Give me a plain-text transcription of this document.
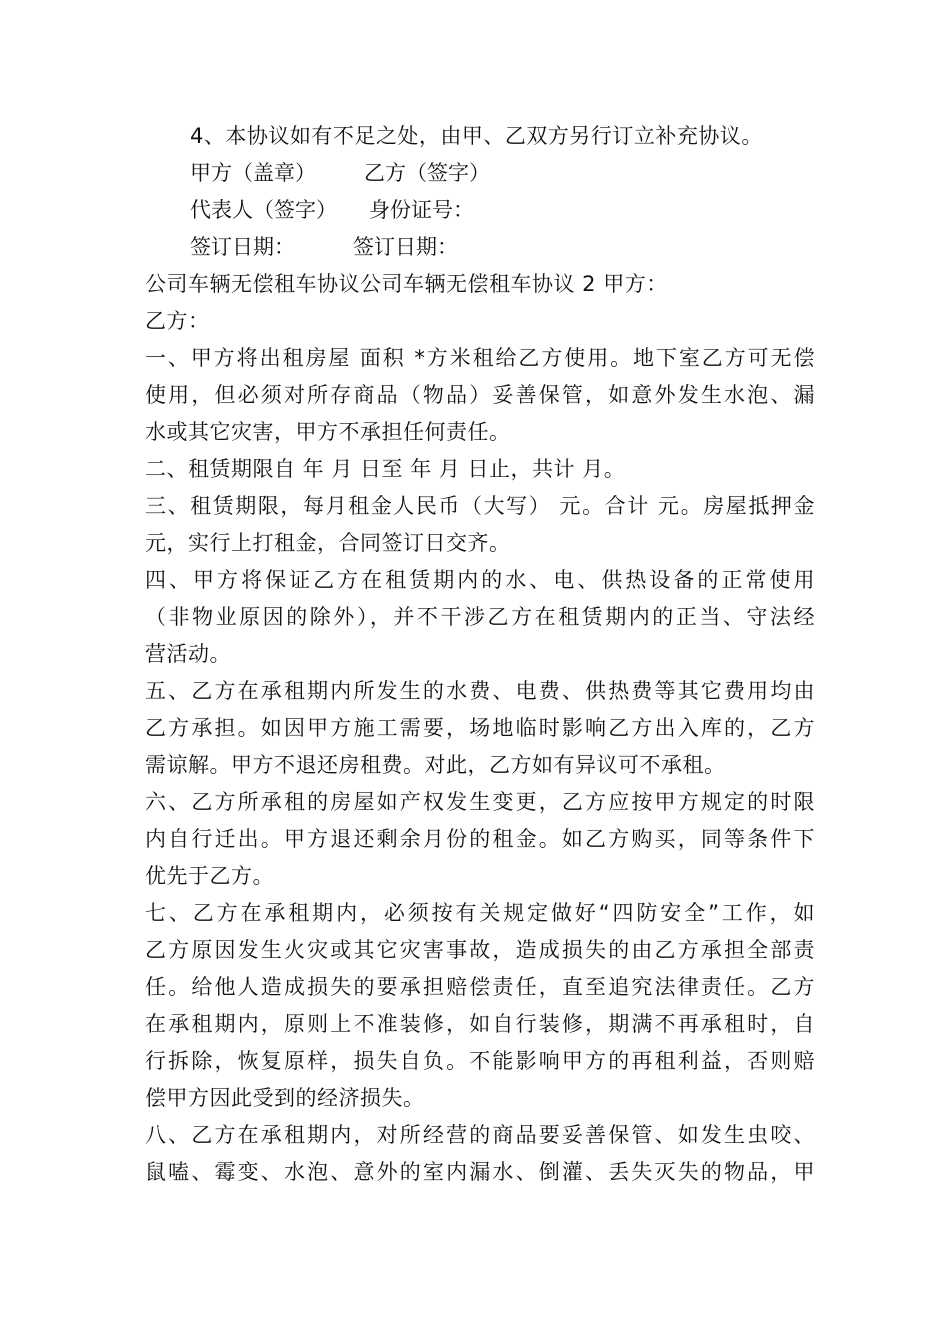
4、本协议如有不足之处，由甲、乙双方另行订立补充协议。
甲方（盖章） 乙方（签字）
代表人（签字） 身份证号：
签订日期：	签订日期：
公司车辆无偿租车协议公司车辆无偿租车协议 2 甲方：
乙方：
一、甲方将出租房屋 面积 *方米租给乙方使用。地下室乙方可无偿
使用，但必须对所存商品（物品）妥善保管，如意外发生水泡、漏
水或其它灾害，甲方不承担任何责任。
二、租赁期限自 年 月 日至 年 月 日止，共计 月。
三、租赁期限，每月租金人民币（大写） 元。合计 元。房屋抵押金
元，实行上打租金，合同签订日交齐。
四、甲方将保证乙方在租赁期内的水、电、供热设备的正常使用
（非物业原因的除外），并不干涉乙方在租赁期内的正当、守法经
营活动。
五、乙方在承租期内所发生的水费、电费、供热费等其它费用均由
乙方承担。如因甲方施工需要，场地临时影响乙方出入库的，乙方
需谅解。甲方不退还房租费。对此，乙方如有异议可不承租。
六、乙方所承租的房屋如产权发生变更，乙方应按甲方规定的时限
内自行迁出。甲方退还剩余月份的租金。如乙方购买，同等条件下
优先于乙方。
七、乙方在承租期内，必须按有关规定做好“四防安全”工作，如
乙方原因发生火灾或其它灾害事故，造成损失的由乙方承担全部责
任。给他人造成损失的要承担赔偿责任，直至追究法律责任。乙方
在承租期内，原则上不准装修，如自行装修，期满不再承租时，自
行拆除，恢复原样，损失自负。不能影响甲方的再租利益，否则赔
偿甲方因此受到的经济损失。
八、乙方在承租期内，对所经营的商品要妥善保管、如发生虫咬、
鼠嗑、霉变、水泡、意外的室内漏水、倒灌、丢失灭失的物品，甲
